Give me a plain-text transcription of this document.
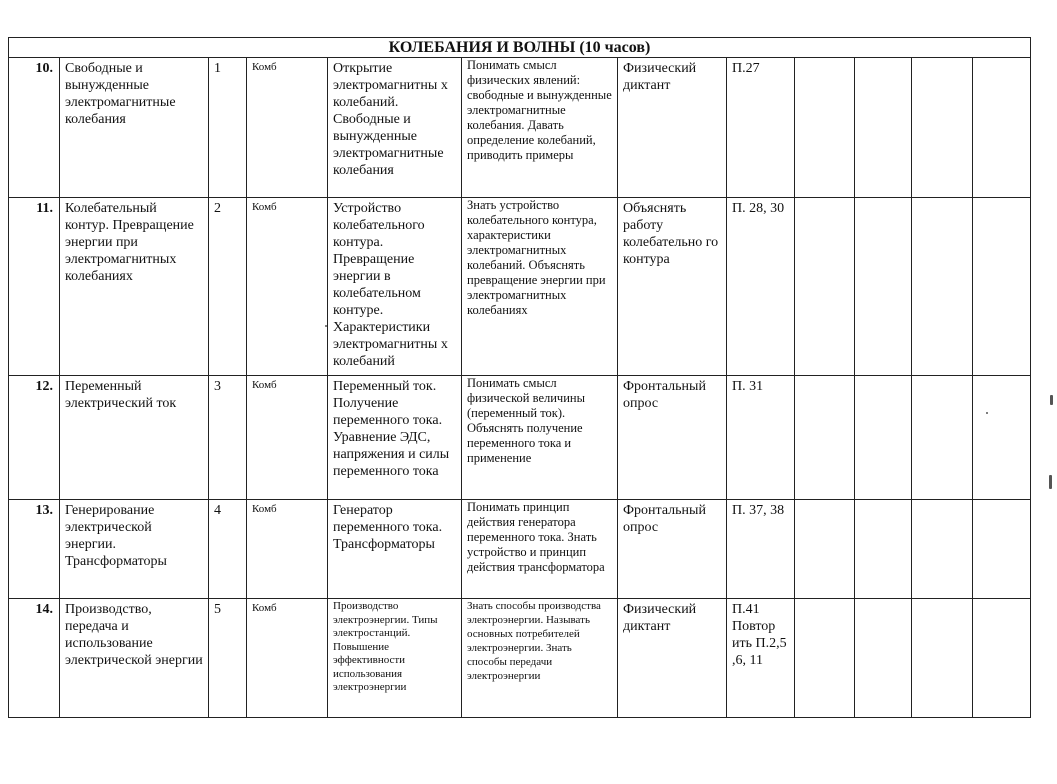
КОЛЕБАНИЯ И ВОЛНЫ (10 часов)											
10.	Свободные и вынужденные электромагнитные колебания	1	Комб	Открытие электромагнитны х колебаний. Свободные и вынужденные электромагнитные колебания	Понимать смысл физических явлений: свободные и вынужденные электромагнитные колебания. Давать определение колебаний, приводить примеры	Физический диктант	П.27				
11.	Колебательный контур. Превращение энергии при электромагнитных колебаниях	2	Комб	Устройство колебательного контура. Превращение энергии в колебательном контуре. Характеристики электромагнитны х колебаний	Знать устройство колебательного контура, характеристики электромагнитных колебаний. Объяснять превращение энергии при электромагнитных колебаниях	Объяснять работу колебательно го контура	П. 28, 30				
12.	Переменный электрический ток	3	Комб	Переменный ток. Получение переменного тока. Уравнение ЭДС, напряжения и силы переменного тока	Понимать смысл физической величины (переменный ток). Объяснять получение переменного тока и применение	Фронтальный опрос	П. 31				
13.	Генерирование электрической энергии. Трансформаторы	4	Комб	Генератор переменного тока. Трансформаторы	Понимать принцип действия генератора переменного тока. Знать устройство и принцип действия трансформатора	Фронтальный опрос	П. 37, 38				
14.	Производство, передача и использование электрической энергии	5	Комб	Производство электроэнергии. Типы электростанций. Повышение эффективности использования электроэнергии	Знать способы производства электроэнергии. Называть основных потребителей электроэнергии. Знать способы передачи электроэнергии	Физический диктант	П.41 Повтор ить П.2,5 ,6, 11				
